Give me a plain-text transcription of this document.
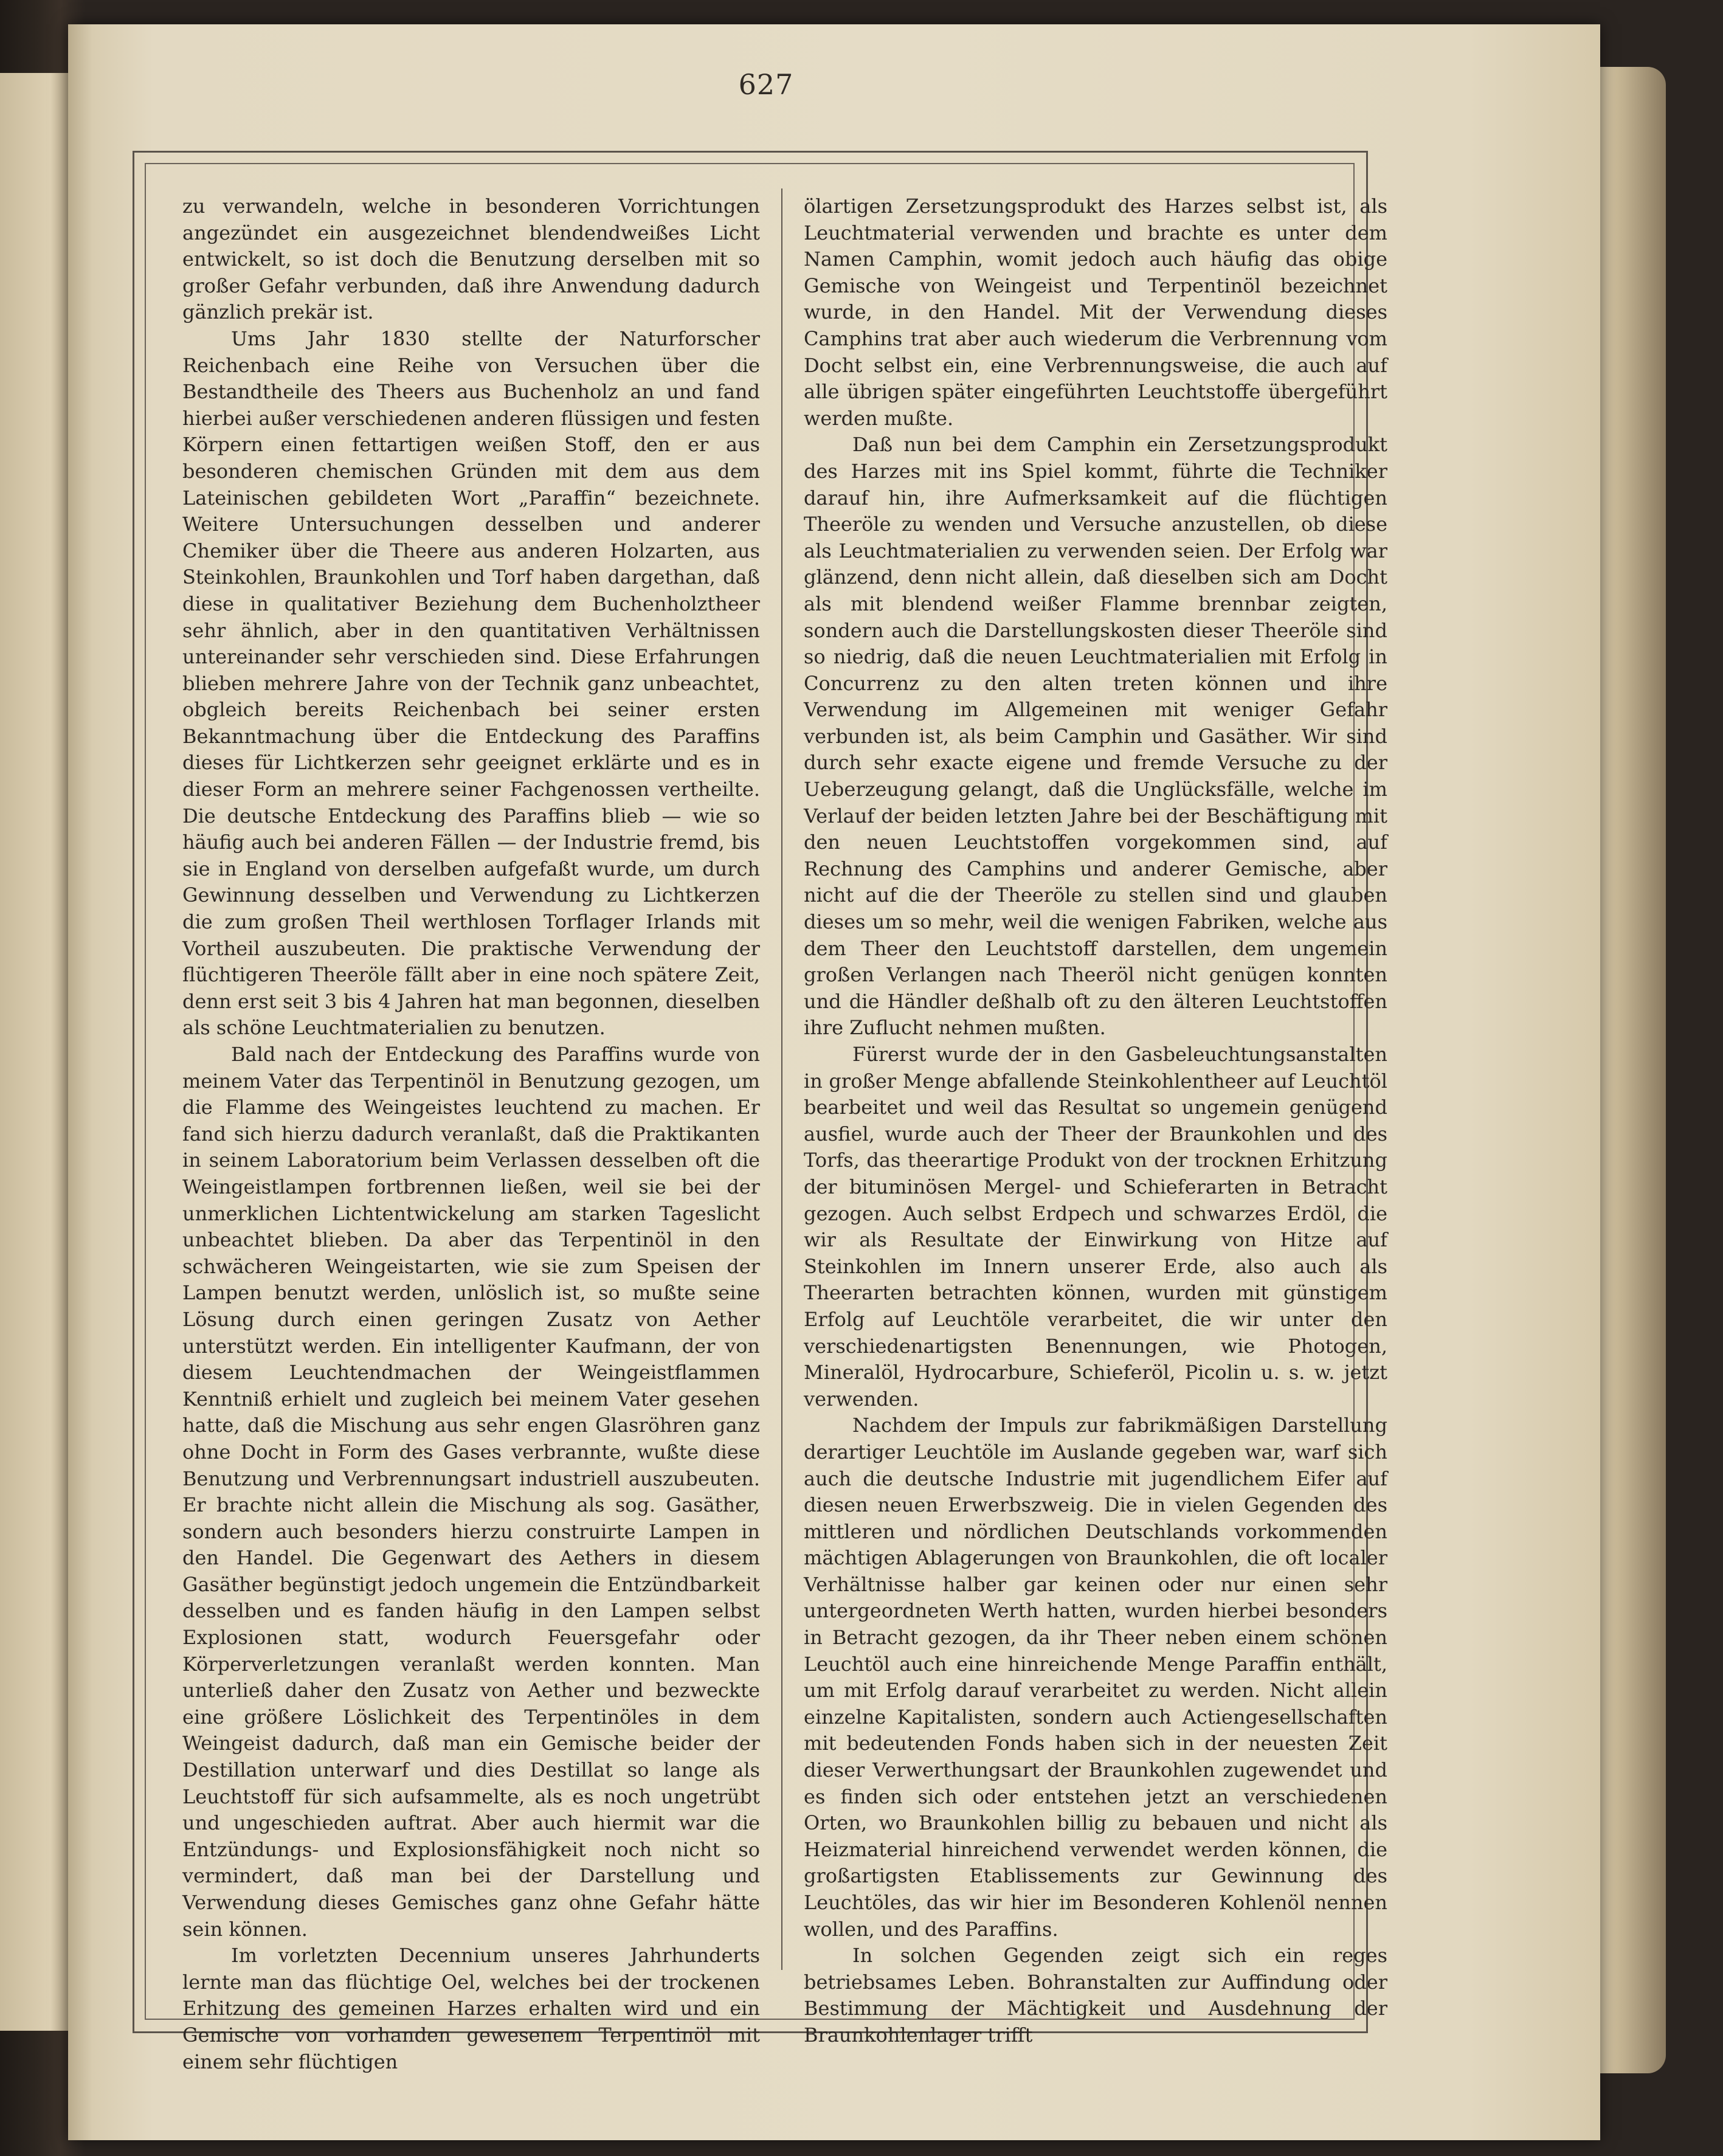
627

zu verwandeln, welche in besonderen Vorrichtungen angezündet ein ausgezeichnet blendendweißes Licht entwickelt, so ist doch die Benutzung derselben mit so großer Gefahr verbunden, daß ihre Anwendung dadurch gänzlich prekär ist.

Ums Jahr 1830 stellte der Naturforscher Reichenbach eine Reihe von Versuchen über die Bestandtheile des Theers aus Buchenholz an und fand hierbei außer verschiedenen anderen flüssigen und festen Körpern einen fettartigen weißen Stoff, den er aus besonderen chemischen Gründen mit dem aus dem Lateinischen gebildeten Wort „Paraffin“ bezeichnete. Weitere Untersuchungen desselben und anderer Chemiker über die Theere aus anderen Holzarten, aus Steinkohlen, Braunkohlen und Torf haben dargethan, daß diese in qualitativer Beziehung dem Buchenholztheer sehr ähnlich, aber in den quantitativen Verhältnissen untereinander sehr verschieden sind. Diese Erfahrungen blieben mehrere Jahre von der Technik ganz unbeachtet, obgleich bereits Reichenbach bei seiner ersten Bekanntmachung über die Entdeckung des Paraffins dieses für Lichtkerzen sehr geeignet erklärte und es in dieser Form an mehrere seiner Fachgenossen vertheilte. Die deutsche Entdeckung des Paraffins blieb — wie so häufig auch bei anderen Fällen — der Industrie fremd, bis sie in England von derselben aufgefaßt wurde, um durch Gewinnung desselben und Verwendung zu Lichtkerzen die zum großen Theil werthlosen Torflager Irlands mit Vortheil auszubeuten. Die praktische Verwendung der flüchtigeren Theeröle fällt aber in eine noch spätere Zeit, denn erst seit 3 bis 4 Jahren hat man begonnen, dieselben als schöne Leuchtmaterialien zu benutzen.

Bald nach der Entdeckung des Paraffins wurde von meinem Vater das Terpentinöl in Benutzung gezogen, um die Flamme des Weingeistes leuchtend zu machen. Er fand sich hierzu dadurch veranlaßt, daß die Praktikanten in seinem Laboratorium beim Verlassen desselben oft die Weingeistlampen fortbrennen ließen, weil sie bei der unmerklichen Lichtentwickelung am starken Tageslicht unbeachtet blieben. Da aber das Terpentinöl in den schwächeren Weingeistarten, wie sie zum Speisen der Lampen benutzt werden, unlöslich ist, so mußte seine Lösung durch einen geringen Zusatz von Aether unterstützt werden. Ein intelligenter Kaufmann, der von diesem Leuchtendmachen der Weingeistflammen Kenntniß erhielt und zugleich bei meinem Vater gesehen hatte, daß die Mischung aus sehr engen Glasröhren ganz ohne Docht in Form des Gases verbrannte, wußte diese Benutzung und Verbrennungsart industriell auszubeuten. Er brachte nicht allein die Mischung als sog. Gasäther, sondern auch besonders hierzu construirte Lampen in den Handel. Die Gegenwart des Aethers in diesem Gasäther begünstigt jedoch ungemein die Entzündbarkeit desselben und es fanden häufig in den Lampen selbst Explosionen statt, wodurch Feuersgefahr oder Körperverletzungen veranlaßt werden konnten. Man unterließ daher den Zusatz von Aether und bezweckte eine größere Löslichkeit des Terpentinöles in dem Weingeist dadurch, daß man ein Gemische beider der Destillation unterwarf und dies Destillat so lange als Leuchtstoff für sich aufsammelte, als es noch ungetrübt und ungeschieden auftrat. Aber auch hiermit war die Entzündungs- und Explosionsfähigkeit noch nicht so vermindert, daß man bei der Darstellung und Verwendung dieses Gemisches ganz ohne Gefahr hätte sein können.

Im vorletzten Decennium unseres Jahrhunderts lernte man das flüchtige Oel, welches bei der trockenen Erhitzung des gemeinen Harzes erhalten wird und ein Gemische von vorhanden gewesenem Terpentinöl mit einem sehr flüchtigen

ölartigen Zersetzungsprodukt des Harzes selbst ist, als Leuchtmaterial verwenden und brachte es unter dem Namen Camphin, womit jedoch auch häufig das obige Gemische von Weingeist und Terpentinöl bezeichnet wurde, in den Handel. Mit der Verwendung dieses Camphins trat aber auch wiederum die Verbrennung vom Docht selbst ein, eine Verbrennungsweise, die auch auf alle übrigen später eingeführten Leuchtstoffe übergeführt werden mußte.

Daß nun bei dem Camphin ein Zersetzungsprodukt des Harzes mit ins Spiel kommt, führte die Techniker darauf hin, ihre Aufmerksamkeit auf die flüchtigen Theeröle zu wenden und Versuche anzustellen, ob diese als Leuchtmaterialien zu verwenden seien. Der Erfolg war glänzend, denn nicht allein, daß dieselben sich am Docht als mit blendend weißer Flamme brennbar zeigten, sondern auch die Darstellungskosten dieser Theeröle sind so niedrig, daß die neuen Leuchtmaterialien mit Erfolg in Concurrenz zu den alten treten können und ihre Verwendung im Allgemeinen mit weniger Gefahr verbunden ist, als beim Camphin und Gasäther. Wir sind durch sehr exacte eigene und fremde Versuche zu der Ueberzeugung gelangt, daß die Unglücksfälle, welche im Verlauf der beiden letzten Jahre bei der Beschäftigung mit den neuen Leuchtstoffen vorgekommen sind, auf Rechnung des Camphins und anderer Gemische, aber nicht auf die der Theeröle zu stellen sind und glauben dieses um so mehr, weil die wenigen Fabriken, welche aus dem Theer den Leuchtstoff darstellen, dem ungemein großen Verlangen nach Theeröl nicht genügen konnten und die Händler deßhalb oft zu den älteren Leuchtstoffen ihre Zuflucht nehmen mußten.

Fürerst wurde der in den Gasbeleuchtungsanstalten in großer Menge abfallende Steinkohlentheer auf Leuchtöl bearbeitet und weil das Resultat so ungemein genügend ausfiel, wurde auch der Theer der Braunkohlen und des Torfs, das theerartige Produkt von der trocknen Erhitzung der bituminösen Mergel- und Schieferarten in Betracht gezogen. Auch selbst Erdpech und schwarzes Erdöl, die wir als Resultate der Einwirkung von Hitze auf Steinkohlen im Innern unserer Erde, also auch als Theerarten betrachten können, wurden mit günstigem Erfolg auf Leuchtöle verarbeitet, die wir unter den verschiedenartigsten Benennungen, wie Photogen, Mineralöl, Hydrocarbure, Schieferöl, Picolin u. s. w. jetzt verwenden.

Nachdem der Impuls zur fabrikmäßigen Darstellung derartiger Leuchtöle im Auslande gegeben war, warf sich auch die deutsche Industrie mit jugendlichem Eifer auf diesen neuen Erwerbszweig. Die in vielen Gegenden des mittleren und nördlichen Deutschlands vorkommenden mächtigen Ablagerungen von Braunkohlen, die oft localer Verhältnisse halber gar keinen oder nur einen sehr untergeordneten Werth hatten, wurden hierbei besonders in Betracht gezogen, da ihr Theer neben einem schönen Leuchtöl auch eine hinreichende Menge Paraffin enthält, um mit Erfolg darauf verarbeitet zu werden. Nicht allein einzelne Kapitalisten, sondern auch Actiengesellschaften mit bedeutenden Fonds haben sich in der neuesten Zeit dieser Verwerthungsart der Braunkohlen zugewendet und es finden sich oder entstehen jetzt an verschiedenen Orten, wo Braunkohlen billig zu bebauen und nicht als Heizmaterial hinreichend verwendet werden können, die großartigsten Etablissements zur Gewinnung des Leuchtöles, das wir hier im Besonderen Kohlenöl nennen wollen, und des Paraffins.

In solchen Gegenden zeigt sich ein reges betriebsames Leben. Bohranstalten zur Auffindung oder Bestimmung der Mächtigkeit und Ausdehnung der Braunkohlenlager trifft
